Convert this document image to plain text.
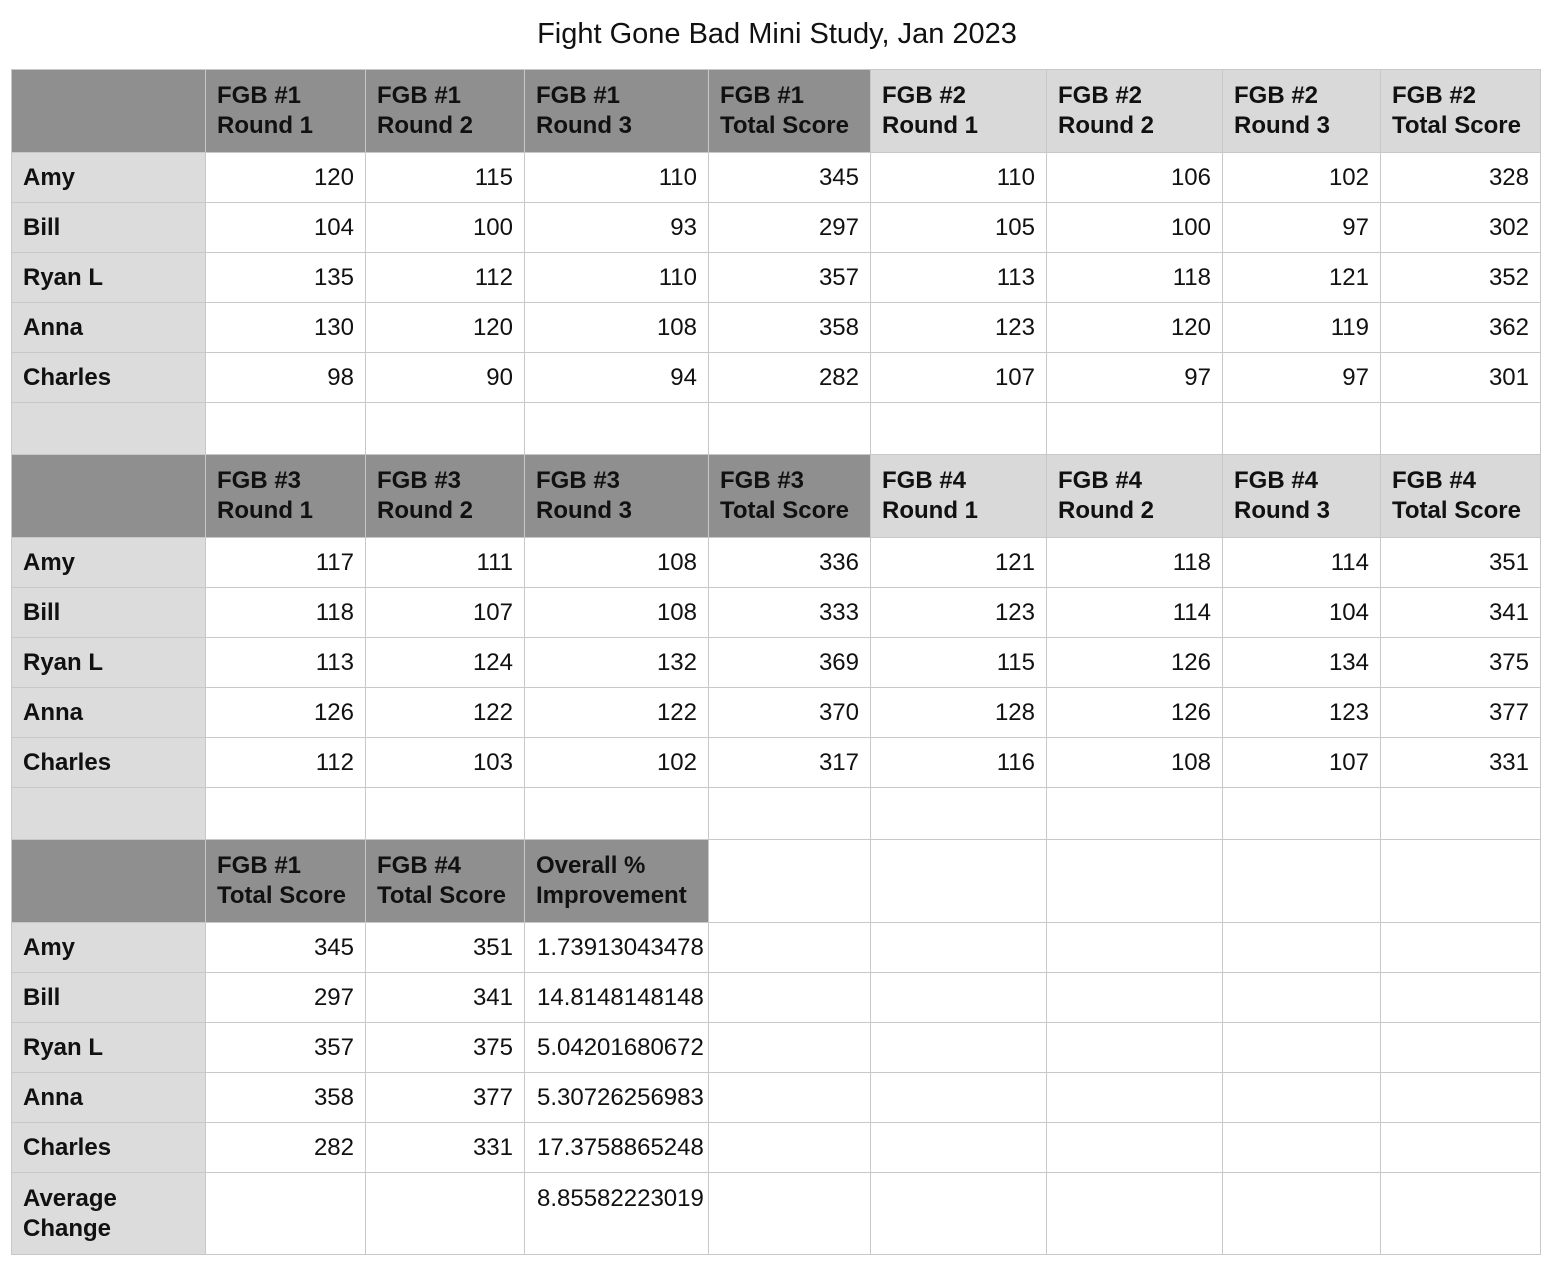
Fight Gone Bad Mini Study, Jan 2023

	FGB #1
Round 1	FGB #1
Round 2	FGB #1
Round 3	FGB #1
Total Score	FGB #2
Round 1	FGB #2
Round 2	FGB #2
Round 3	FGB #2
Total Score

Amy	120	115	110	345	110	106	102	328
Bill	104	100	93	297	105	100	97	302
Ryan L	135	112	110	357	113	118	121	352
Anna	130	120	108	358	123	120	119	362
Charles	98	90	94	282	107	97	97	301

	FGB #3
Round 1	FGB #3
Round 2	FGB #3
Round 3	FGB #3
Total Score	FGB #4
Round 1	FGB #4
Round 2	FGB #4
Round 3	FGB #4
Total Score

Amy	117	111	108	336	121	118	114	351
Bill	118	107	108	333	123	114	104	341
Ryan L	113	124	132	369	115	126	134	375
Anna	126	122	122	370	128	126	123	377
Charles	112	103	102	317	116	108	107	331

	FGB #1
Total Score	FGB #4
Total Score	Overall %
Improvement					

Amy	345	351	1.73913043478					
Bill	297	341	14.8148148148					
Ryan L	357	375	5.04201680672					
Anna	358	377	5.30726256983					
Charles	282	331	17.3758865248					
Average
Change			8.85582223019					
